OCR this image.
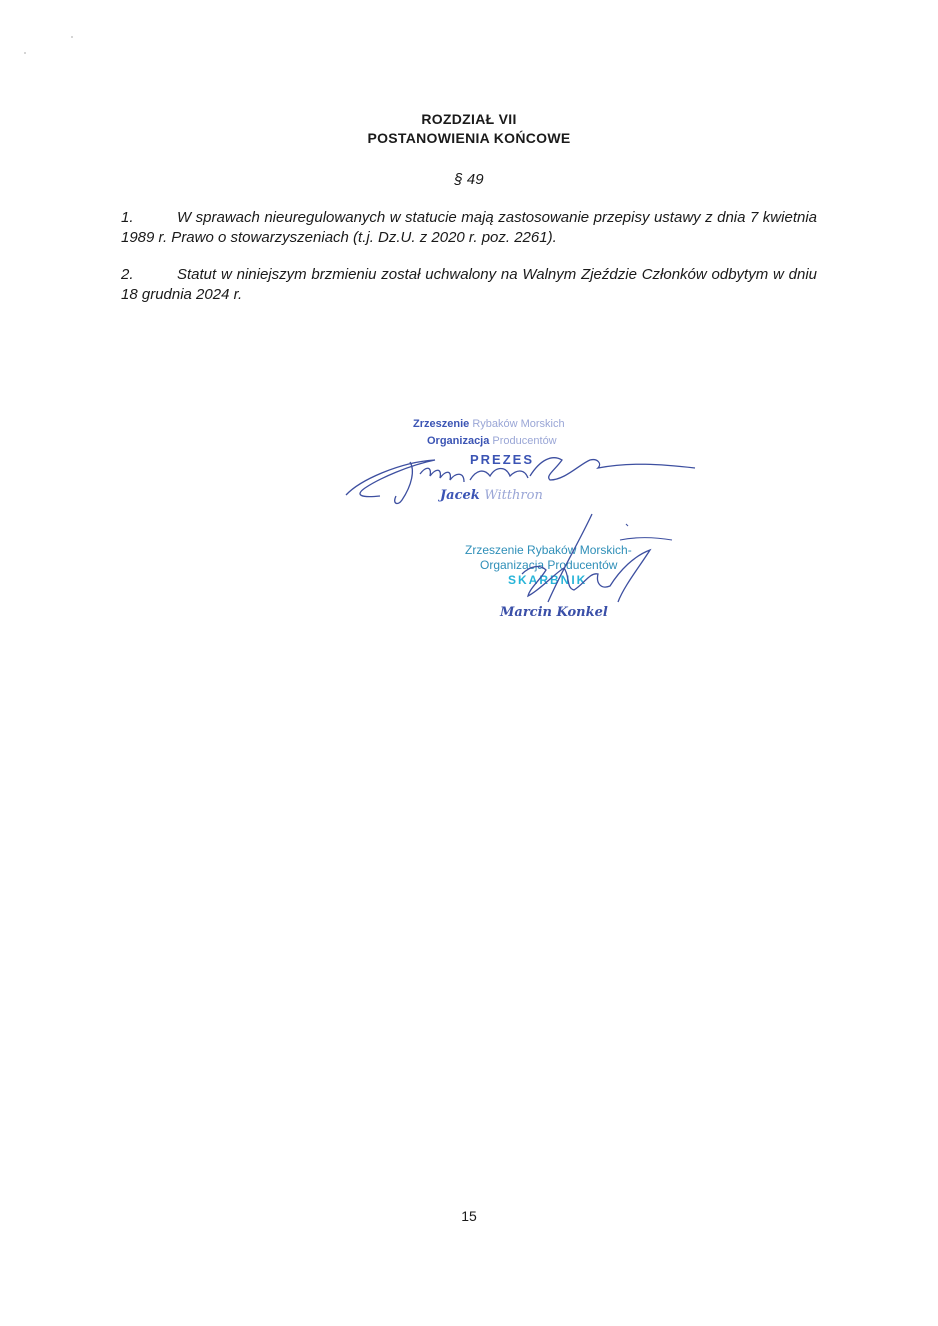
ROZDZIAŁ VII
POSTANOWIENIA KOŃCOWE
§ 49
1.	W sprawach nieuregulowanych w statucie mają zastosowanie przepisy ustawy z dnia 7 kwietnia 1989 r. Prawo o stowarzyszeniach (t.j. Dz.U. z 2020 r. poz. 2261).
2.	Statut w niniejszym brzmieniu został uchwalony na Walnym Zjeździe Członków odbytym w dniu 18 grudnia 2024 r.
Zrzeszenie Rybaków Morskich
Organizacja Producentów
PREZES
Jacek Witthron
Zrzeszenie Rybaków Morskich-
Organizacja Producentów
SKARBNIK
Marcin Konkel
15
